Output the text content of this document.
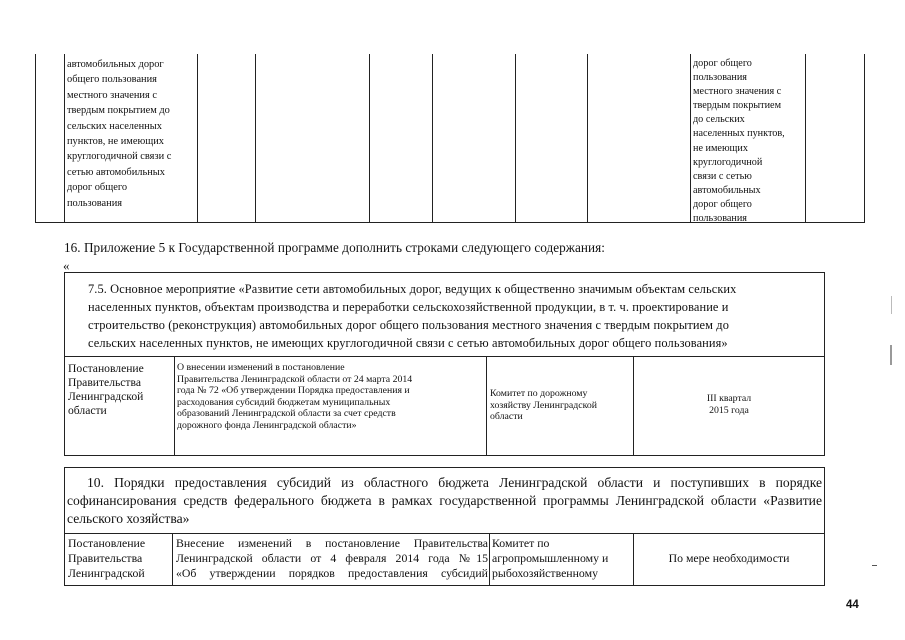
автомобильных дорог
общего пользования
местного значения с
твердым покрытием до
сельских населенных
пунктов, не имеющих
круглогодичной связи с
сетью автомобильных
дорог общего
пользования
дорог общего
пользования
местного значения с
твердым покрытием
до сельских
населенных пунктов,
не имеющих
круглогодичной
связи с сетью
автомобильных
дорог общего
пользования
16. Приложение 5 к Государственной программе дополнить строками следующего содержания:
«
7.5. Основное мероприятие «Развитие сети автомобильных дорог, ведущих к общественно значимым объектам сельских
населенных пунктов, объектам производства и переработки сельскохозяйственной продукции, в т. ч. проектирование и
строительство (реконструкция) автомобильных дорог общего пользования местного значения с твердым покрытием до
сельских населенных пунктов, не имеющих круглогодичной связи с сетью автомобильных дорог общего пользования»
Постановление
Правительства
Ленинградской
области
О внесении изменений в постановление
Правительства Ленинградской области от 24 марта 2014
года № 72 «Об утверждении Порядка предоставления и
расходования субсидий бюджетам муниципальных
образований Ленинградской области за счет средств
дорожного фонда Ленинградской области»
Комитет по дорожному
хозяйству Ленинградской
области
III квартал
2015 года
10. Порядки предоставления субсидий из областного бюджета Ленинградской области и поступивших в порядке софинансирования средств федерального бюджета в рамках государственной программы Ленинградской области «Развитие сельского хозяйства»
Постановление
Правительства
Ленинградской
Внесение изменений в постановление Правительства
Ленинградской области от 4 февраля 2014 года №15
«Об утверждении порядков предоставления субсидий
Комитет по
агропромышленному и
рыбохозяйственному
По мере необходимости
44
